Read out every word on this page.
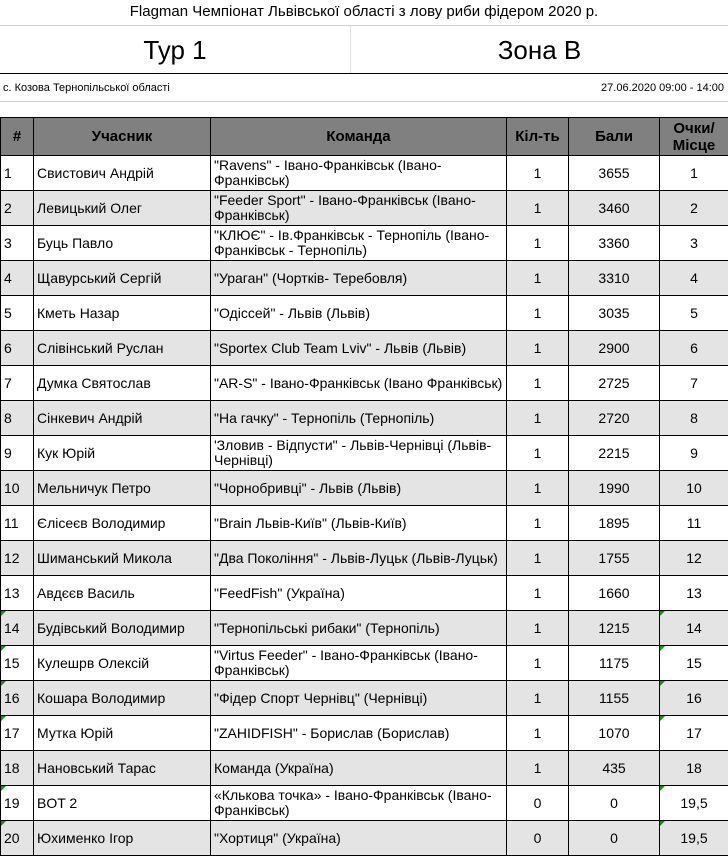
Flagman Чемпіонат Львівської області з лову риби фідером 2020 р.
Тур 1	Зона B
с. Козова Тернопільської області	27.06.2020 09:00 - 14:00
#	Учасник	Команда	Кіл-ть	Бали	Очки/ Місце
1	Свистович Андрій	"Ravens" - Івано-Франківськ (Івано-Франківськ)	1	3655	1
2	Левицький Олег	"Feeder Sport" - Івано-Франківськ (Івано-Франківськ)	1	3460	2
3	Буць Павло	"КЛЮЄ" - Ів.Франківськ - Тернопіль (Івано-Франківськ - Тернопіль)	1	3360	3
4	Щавурський Сергій	"Ураган" (Чортків- Теребовля)	1	3310	4
5	Кметь Назар	"Одіссей" - Львів (Львів)	1	3035	5
6	Слівінський Руслан	"Sportex Club Team Lviv" - Львів (Львів)	1	2900	6
7	Думка Святослав	"AR-S" - Івано-Франківськ (Івано Франківськ)	1	2725	7
8	Сінкевич Андрій	"На гачку" - Тернопіль (Тернопіль)	1	2720	8
9	Кук Юрій	'Зловив - Відпусти" - Львів-Чернівці (Львів-Чернівці)	1	2215	9
10	Мельничук Петро	"Чорнобривці" - Львів (Львів)	1	1990	10
11	Єлісеєв Володимир	"Brain Львів-Київ" (Львів-Київ)	1	1895	11
12	Шиманський Микола	"Два Покоління" - Львів-Луцьк (Львів-Луцьк)	1	1755	12
13	Авдєєв Василь	"FeedFish" (Україна)	1	1660	13
14	Будівський Володимир	"Тернопільські рибаки" (Тернопіль)	1	1215	14

15	Кулешрв Олексій	"Virtus Feeder" - Івано-Франківськ (Івано-Франківськ)	1	1175	15

16	Кошара Володимир	"Фідер Спорт Чернівц" (Чернівці)	1	1155	16

17	Мутка Юрій	"ZAHIDFISH" - Борислав (Борислав)	1	1070	17

18	Нановський Тарас	Команда (Україна)	1	435	18
19	BOT 2	«Клькова точка» - Івано-Франківськ (Івано-Франківськ)	0	0	19,5

20	Юхименко Ігор	"Хортиця" (Україна)	0	0	19,5
